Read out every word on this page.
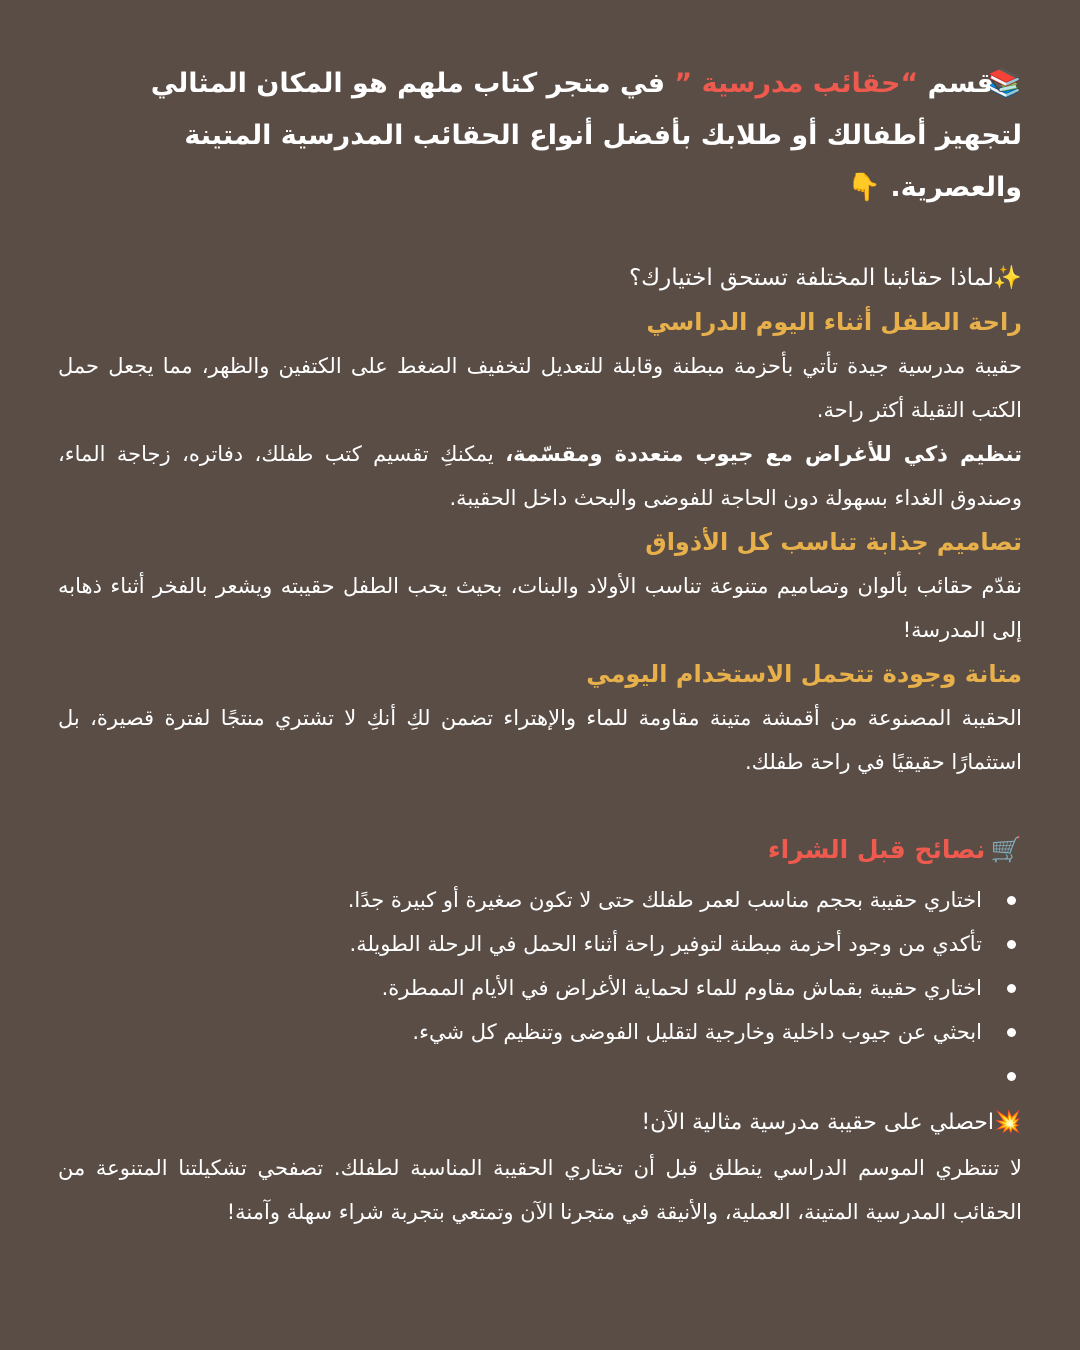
📚قسم “حقائب مدرسية ” في متجر كتاب ملهم هو المكان المثالي لتجهيز أطفالك أو طلابك بأفضل أنواع الحقائب المدرسية المتينة والعصرية. 👇

✨لماذا حقائبنا المختلفة تستحق اختيارك؟

راحة الطفل أثناء اليوم الدراسي

حقيبة مدرسية جيدة تأتي بأحزمة مبطنة وقابلة للتعديل لتخفيف الضغط على الكتفين والظهر، مما يجعل حمل الكتب الثقيلة أكثر راحة.

تنظيم ذكي للأغراض مع جيوب متعددة ومقسّمة، يمكنكِ تقسيم كتب طفلك، دفاتره، زجاجة الماء، وصندوق الغداء بسهولة دون الحاجة للفوضى والبحث داخل الحقيبة.

تصاميم جذابة تناسب كل الأذواق

نقدّم حقائب بألوان وتصاميم متنوعة تناسب الأولاد والبنات، بحيث يحب الطفل حقيبته ويشعر بالفخر أثناء ذهابه إلى المدرسة!

متانة وجودة تتحمل الاستخدام اليومي

الحقيبة المصنوعة من أقمشة متينة مقاومة للماء والإهتراء تضمن لكِ أنكِ لا تشتري منتجًا لفترة قصيرة، بل استثمارًا حقيقيًا في راحة طفلك.

🛒 نصائح قبل الشراء
اختاري حقيبة بحجم مناسب لعمر طفلك حتى لا تكون صغيرة أو كبيرة جدًا.
تأكدي من وجود أحزمة مبطنة لتوفير راحة أثناء الحمل في الرحلة الطويلة.
اختاري حقيبة بقماش مقاوم للماء لحماية الأغراض في الأيام الممطرة.
ابحثي عن جيوب داخلية وخارجية لتقليل الفوضى وتنظيم كل شيء.

💥احصلي على حقيبة مدرسية مثالية الآن!

لا تنتظري الموسم الدراسي ينطلق قبل أن تختاري الحقيبة المناسبة لطفلك. تصفحي تشكيلتنا المتنوعة من الحقائب المدرسية المتينة، العملية، والأنيقة في متجرنا الآن وتمتعي بتجربة شراء سهلة وآمنة!
